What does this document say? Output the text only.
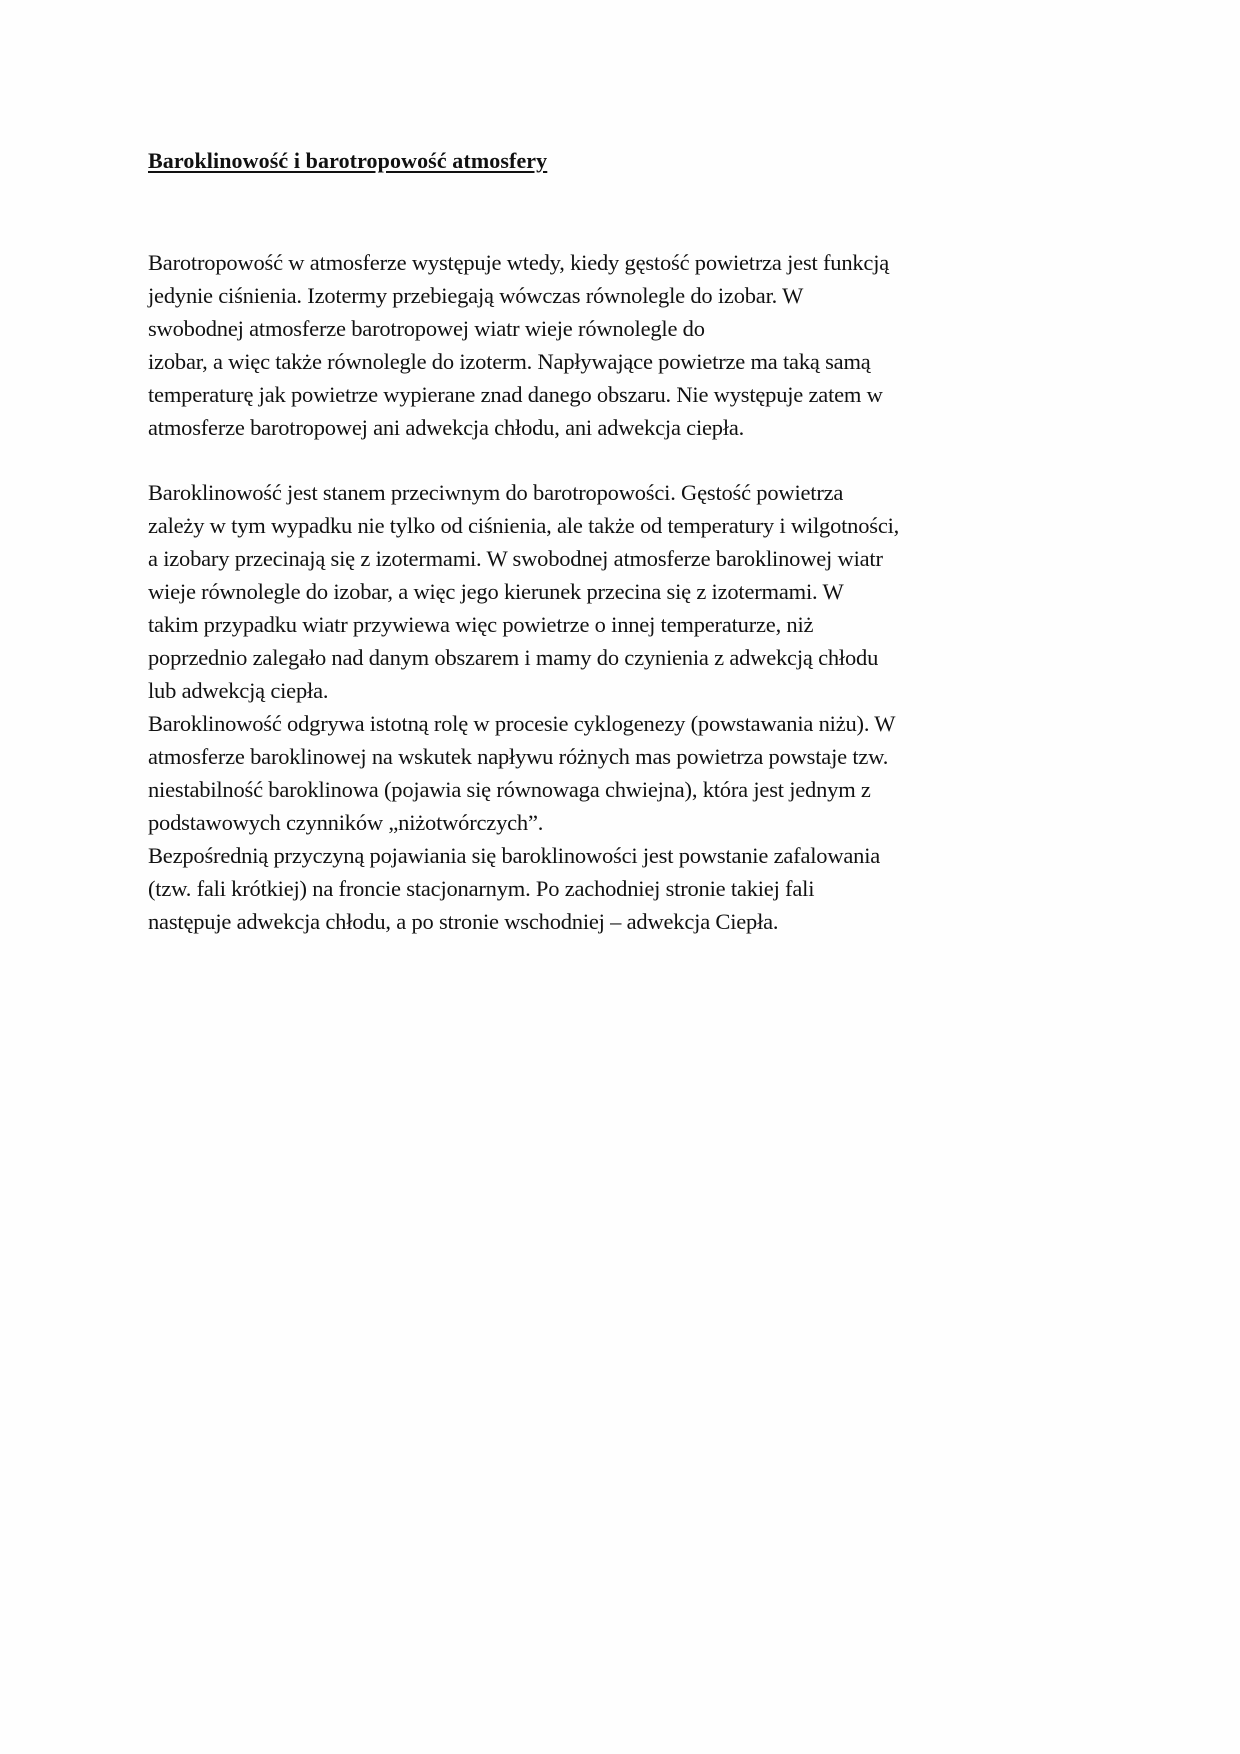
Baroklinowość i barotropowość atmosfery
Barotropowość w atmosferze występuje wtedy, kiedy gęstość powietrza jest funkcją
jedynie ciśnienia. Izotermy przebiegają wówczas równolegle do izobar. W
swobodnej atmosferze barotropowej wiatr wieje równolegle do
izobar, a więc także równolegle do izoterm. Napływające powietrze ma taką samą
temperaturę jak powietrze wypierane znad danego obszaru. Nie występuje zatem w
atmosferze barotropowej ani adwekcja chłodu, ani adwekcja ciepła.
Baroklinowość jest stanem przeciwnym do barotropowości. Gęstość powietrza
zależy w tym wypadku nie tylko od ciśnienia, ale także od temperatury i wilgotności,
a izobary przecinają się z izotermami. W swobodnej atmosferze baroklinowej wiatr
wieje równolegle do izobar, a więc jego kierunek przecina się z izotermami. W
takim przypadku wiatr przywiewa więc powietrze o innej temperaturze, niż
poprzednio zalegało nad danym obszarem i mamy do czynienia z adwekcją chłodu
lub adwekcją ciepła.
Baroklinowość odgrywa istotną rolę w procesie cyklogenezy (powstawania niżu). W
atmosferze baroklinowej na wskutek napływu różnych mas powietrza powstaje tzw.
niestabilność baroklinowa (pojawia się równowaga chwiejna), która jest jednym z
podstawowych czynników „niżotwórczych”.
Bezpośrednią przyczyną pojawiania się baroklinowości jest powstanie zafalowania
(tzw. fali krótkiej) na froncie stacjonarnym. Po zachodniej stronie takiej fali
następuje adwekcja chłodu, a po stronie wschodniej – adwekcja Ciepła.
